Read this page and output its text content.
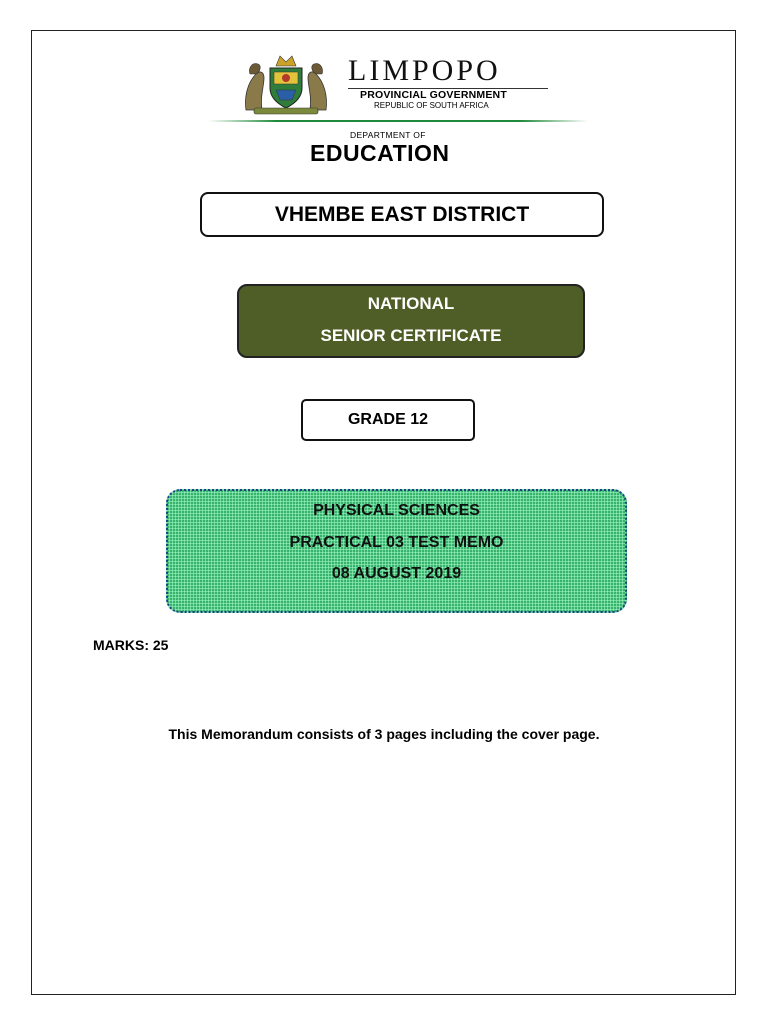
LIMPOPO
PROVINCIAL GOVERNMENT
REPUBLIC OF SOUTH AFRICA
DEPARTMENT OF
EDUCATION
VHEMBE EAST DISTRICT
NATIONAL
SENIOR CERTIFICATE
GRADE 12
PHYSICAL SCIENCES
PRACTICAL 03 TEST MEMO
08 AUGUST 2019
MARKS: 25
This Memorandum consists of 3 pages including the cover page.
